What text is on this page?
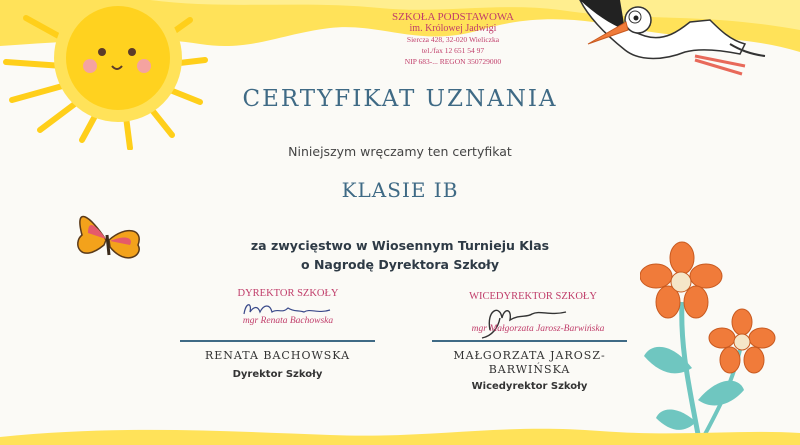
SZKOŁA PODSTAWOWA
im. Królowej Jadwigi
Sierczа 428, 32-020 Wieliczka
tel./fax 12 651 54 97
NIP 683-... REGON 350729000
CERTYFIKAT UZNANIA
Niniejszym wręczamy ten certyfikat
KLASIE IB
za zwycięstwo w Wiosennym Turnieju Klas
o Nagrodę Dyrektora Szkoły
DYREKTOR SZKOŁY
mgr Renata Bachowska
RENATA BACHOWSKA
Dyrektor Szkoły
WICEDYREKTOR SZKOŁY
mgr Małgorzata Jarosz-Barwińska
MAŁGORZATA JAROSZ-
BARWIŃSKA
Wicedyrektor Szkoły
